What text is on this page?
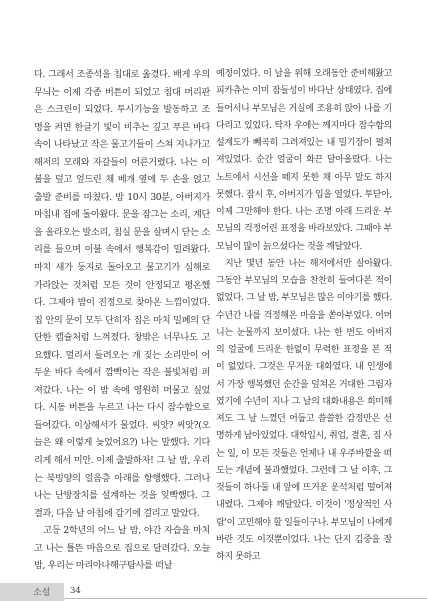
다. 그래서 조종석을 침대로 옮겼다. 배게 우의 무늬는 이제 각종 버튼이 되었고 침대 머리판은 스크린이 되었다. 투시기능을 발동하고 조명을 켜면 한글기 빛이 비추는 깊고 푸른 바다 속이 나타났고 작은 물고기들이 스쳐 지나가고 해저의 모래와 자갈들이 어른거렸다. 나는 이불을 덮고 엎드린 채 베개 옆에 두 손을 얹고 출발 준비를 마쳤다. 밤 10시 30분, 아버지가 마침내 집에 돌아왔다. 문을 잠그는 소리, 계단을 올라오는 발소리, 침실 문을 살며시 닫는 소리를 들으며 이불 속에서 행복감이 밀려왔다. 마치 새가 둥지로 돌아오고 물고기가 심해로 가라앉는 것처럼 모든 것이 안정되고 평온했다. 그제야 밤이 진정으로 찾아온 느낌이었다. 집 안의 문이 모두 단히자 집은 마치 밀폐의 단단한 캡슐처럼 느껴졌다. 창밖은 너무나도 고요했다. 멀리서 들려오는 개 짖는 소리만이 어두운 바다 속에서 깜빡이는 작은 불빛처럼 퍼져갔다. 나는 이 밤 속에 영원히 머물고 싶었다. 시동 버튼을 누르고 나는 다시 잠수함으로 들어갔다. 이상해서가 물었다. 씨앗? 씨앗?(오늘은 왜 이렇게 늦었어요?) 나는 말했다. 기다리게 해서 미안. 이제 출발하자! 그 날 밤, 우리는 북빙양의 얼음층 아래를 항행했다. 그러나 나는 난방장치를 설계하는 것을 잊빡했다. 그 결과, 다음 날 아침에 감기에 걸리고 말았다.

고등 2학년의 어느 날 밤, 야간 자습을 마치고 나는 틀뜬 마음으로 집으로 달려갔다. 오늘밤, 우리는 마리아나해구탐사를 떠날

예정이었다. 이 날을 위해 오래동안 준비해왔고 피카츄는 이미 잠들성이 바다난 상태였다. 집에 들어서니 부모님은 거실에 조용히 앉아 나를 기다리고 있었다. 탁자 우에는 께지마다 잠수함의 설계도가 빼곡히 그려져있는 내 밀기장이 펼쳐져있었다. 순간 얼굴이 화끈 달아올랐다. 나는 노트에서 시선을 떼지 못한 채 아무 말도 하지 못했다. 잠시 후, 아버지가 입을 열었다. 투닫아, 이제 그만해야 한다. 나는 조명 아래 드리운 부모님의 걱정어린 표정을 바라보았다. 그때야 부모님이 많이 늙으셨다는 것을 깨달았다.

지난 몇년 동안 나는 해저에서만 살아왔다. 그동안 부모님의 모습을 찬찬히 들여다본 적이 없었다. 그 날 밤, 부모님은 많은 이야기를 했다. 수년간 나를 걱정해온 마음을 쏟아부었다. 어머니는 눈물까지 보이셨다. 나는 한 번도 아버지의 얼굴에 드리운 한없이 무력한 표정을 본 적이 없었다. 그것은 무거운 대화였다. 내 인생에서 가장 행복했던 순간을 덮쳐온 거대한 그림자였기에 수년이 지나 그 날의 대화내용은 희미해져도 그 날 느꼈던 어둡고 씁쓸한 감정만은 선명하게 남아있었다. 대학입시, 취업, 결혼, 집 사는 일, 이 모든 것들은 언제나 내 우주바깥을 떠도는 개념에 불과했었다. 그런데 그 날 이후, 그것들이 하나둘 내 앞에 뜨거운 운석처럼 떨어져내렸다. 그제야 깨달았다. 이것이 '정상적인 사람'이 고민해야 할 일들이구나. 부모님이 나에게 바란 것도 이것뿐이었다. 나는 단지 김중을 잘하지 못하고

소설 34
